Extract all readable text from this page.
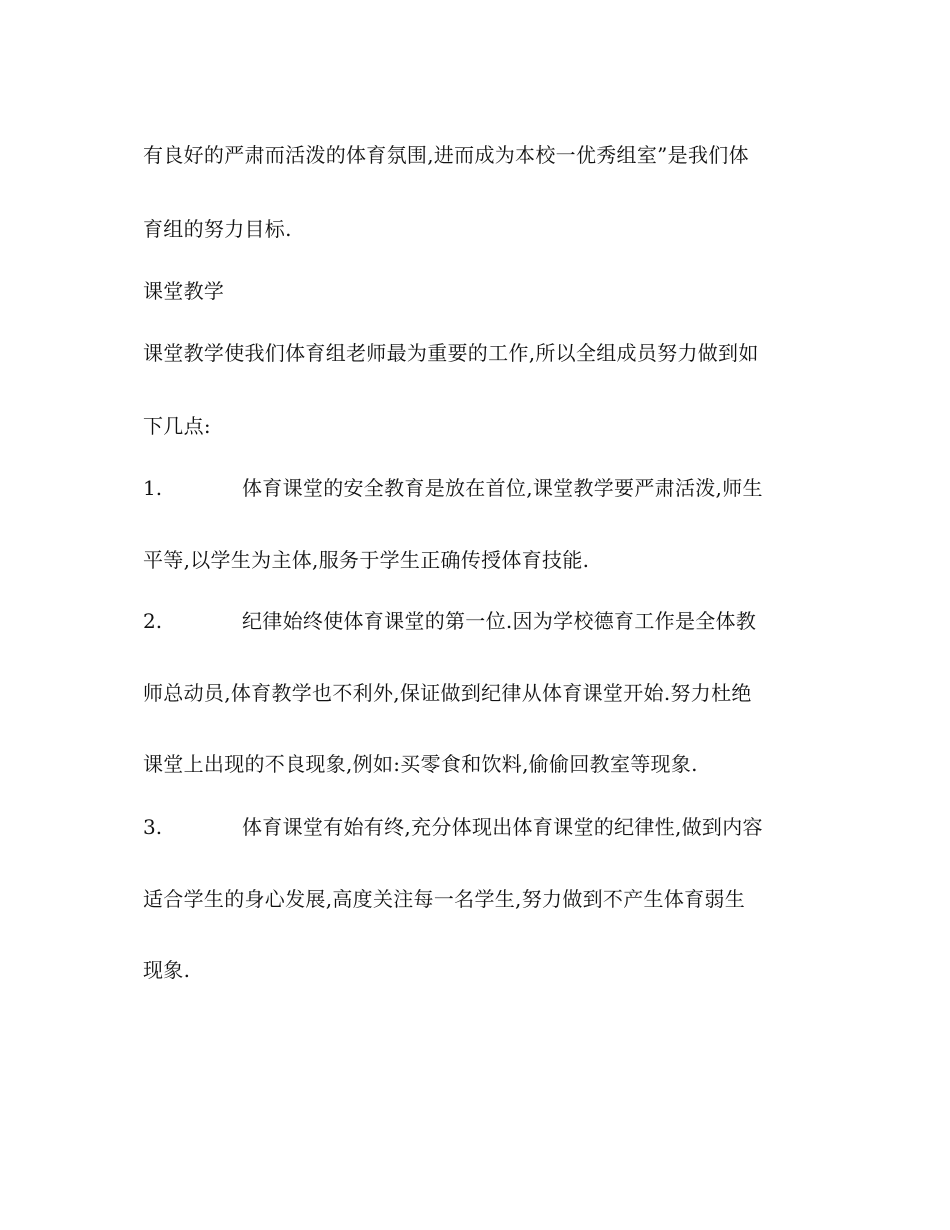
有良好的严肃而活泼的体育氛围,进而成为本校一优秀组室”是我们体
育组的努力目标.
课堂教学
课堂教学使我们体育组老师最为重要的工作,所以全组成员努力做到如
下几点:
1.	体育课堂的安全教育是放在首位,课堂教学要严肃活泼,师生
平等,以学生为主体,服务于学生正确传授体育技能.
2.	纪律始终使体育课堂的第一位.因为学校德育工作是全体教
师总动员,体育教学也不利外,保证做到纪律从体育课堂开始.努力杜绝
课堂上出现的不良现象,例如:买零食和饮料,偷偷回教室等现象.
3.	体育课堂有始有终,充分体现出体育课堂的纪律性,做到内容
适合学生的身心发展,高度关注每一名学生,努力做到不产生体育弱生
现象.
